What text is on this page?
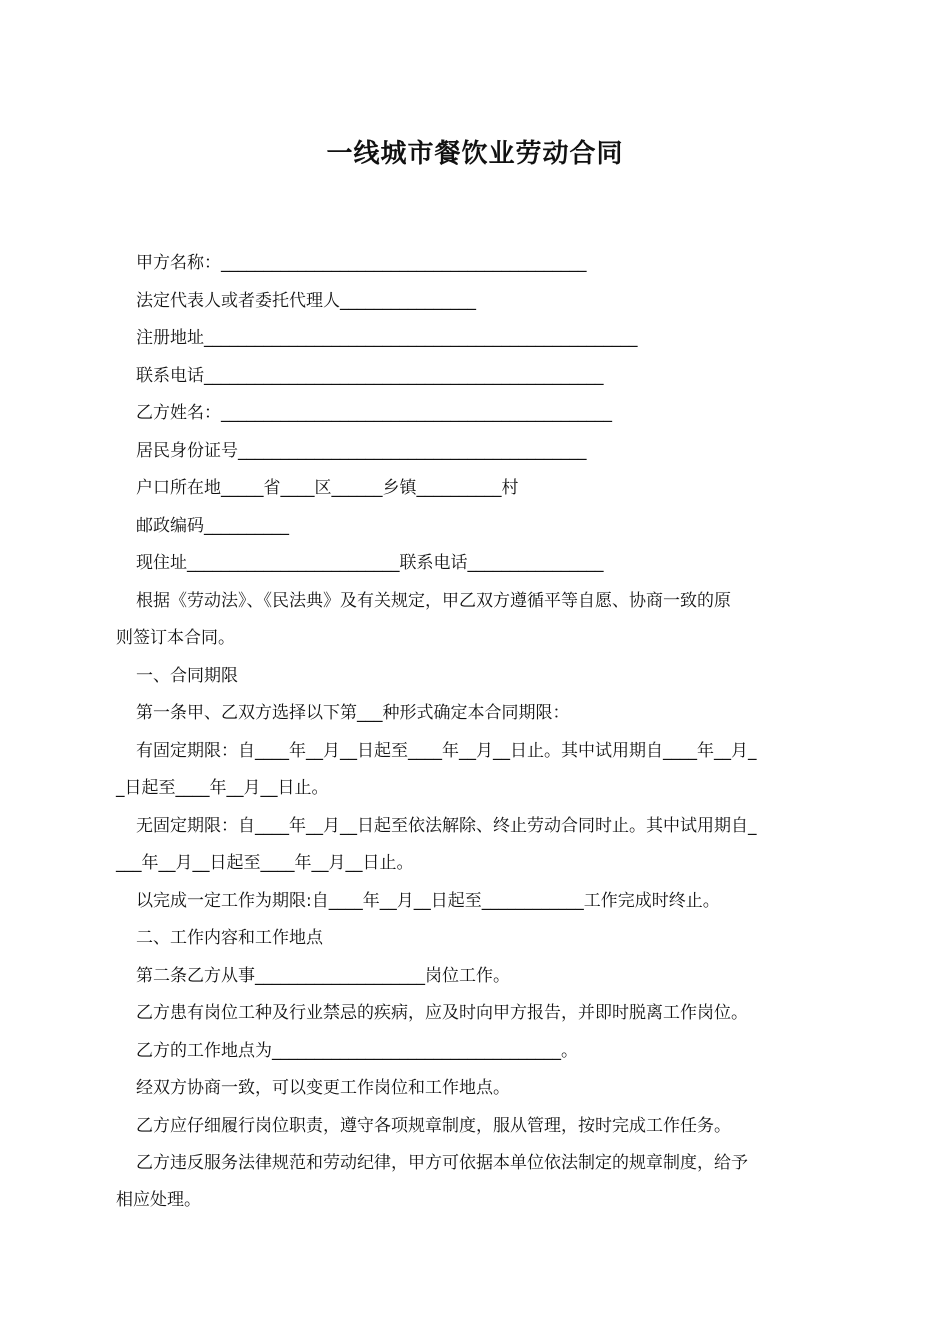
一线城市餐饮业劳动合同
甲方名称：___________________________________________
法定代表人或者委托代理人________________
注册地址___________________________________________________
联系电话_______________________________________________
乙方姓名：______________________________________________
居民身份证号_________________________________________
户口所在地_____省____区______乡镇__________村
邮政编码__________
现住址_________________________联系电话________________
根据《劳动法》、《民法典》及有关规定，甲乙双方遵循平等自愿、协商一致的原
则签订本合同。
一、合同期限
第一条甲、乙双方选择以下第___种形式确定本合同期限：
有固定期限：自____年__月__日起至____年__月__日止。其中试用期自____年__月_
_日起至____年__月__日止。
无固定期限：自____年__月__日起至依法解除、终止劳动合同时止。其中试用期自_
___年__月__日起至____年__月__日止。
以完成一定工作为期限:自____年__月__日起至____________工作完成时终止。
二、工作内容和工作地点
第二条乙方从事____________________岗位工作。
乙方患有岗位工种及行业禁忌的疾病，应及时向甲方报告，并即时脱离工作岗位。
乙方的工作地点为__________________________________。
经双方协商一致，可以变更工作岗位和工作地点。
乙方应仔细履行岗位职责，遵守各项规章制度，服从管理，按时完成工作任务。
乙方违反服务法律规范和劳动纪律，甲方可依据本单位依法制定的规章制度，给予
相应处理。
